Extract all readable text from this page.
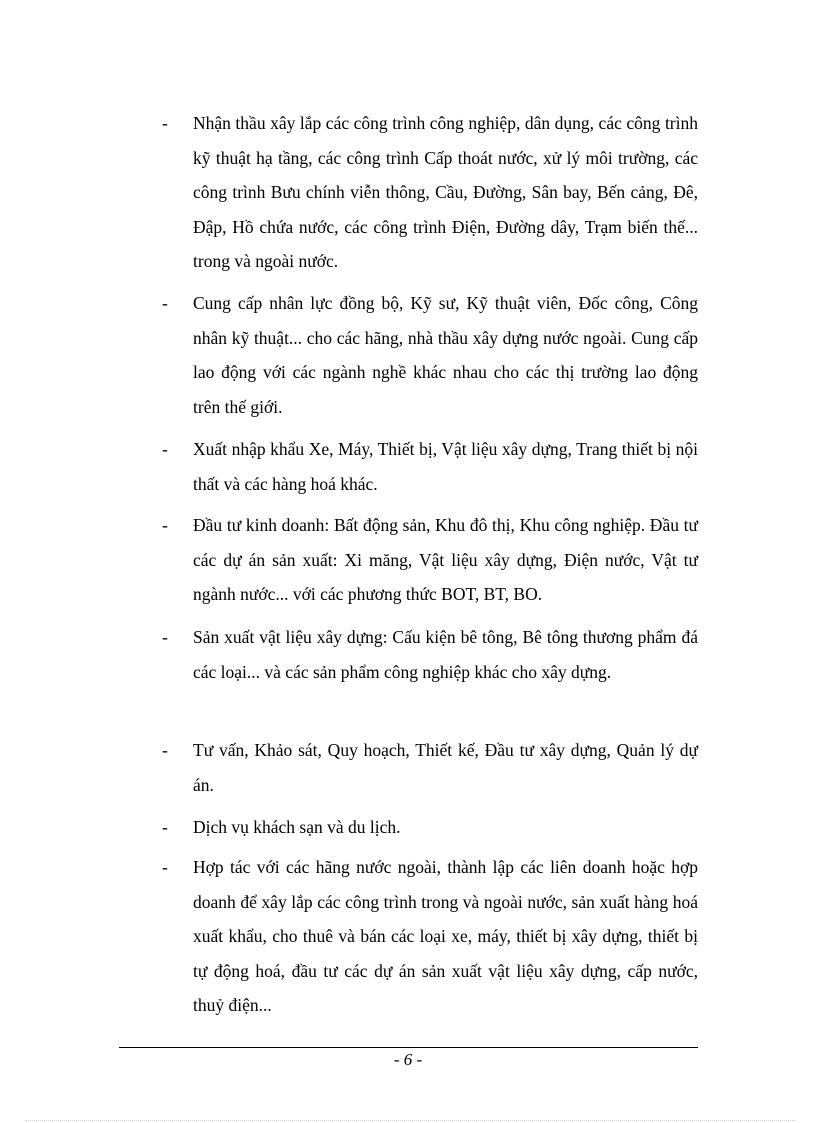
-	Nhận thầu xây lắp các công trình công nghiệp, dân dụng, các công trình kỹ thuật hạ tầng, các công trình Cấp thoát nước, xử lý môi trường, các công trình Bưu chính viễn thông, Cầu, Đường, Sân bay, Bến cảng, Đê, Đập, Hồ chứa nước, các công trình Điện, Đường dây, Trạm biến thế... trong và ngoài nước.
-	Cung cấp nhân lực đồng bộ, Kỹ sư, Kỹ thuật viên, Đốc công, Công nhân kỹ thuật... cho các hãng, nhà thầu xây dựng nước ngoài. Cung cấp lao động với các ngành nghề khác nhau cho các thị trường lao động trên thế giới.
-	Xuất nhập khẩu Xe, Máy, Thiết bị, Vật liệu xây dựng, Trang thiết bị nội thất và các hàng hoá khác.
-	Đầu tư kinh doanh: Bất động sản, Khu đô thị, Khu công nghiệp. Đầu tư các dự án sản xuất: Xi măng, Vật liệu xây dựng, Điện nước, Vật tư ngành nước... với các phương thức BOT, BT, BO.
-	Sản xuất vật liệu xây dựng: Cấu kiện bê tông, Bê tông thương phẩm đá các loại... và các sản phẩm công nghiệp khác cho xây dựng.
-	Tư vấn, Khảo sát, Quy hoạch, Thiết kế, Đầu tư xây dựng, Quản lý dự án.
-	Dịch vụ khách sạn và du lịch.
-	Hợp tác với các hãng nước ngoài, thành lập các liên doanh hoặc hợp doanh để xây lắp các công trình trong và ngoài nước, sản xuất hàng hoá xuất khẩu, cho thuê và bán các loại xe, máy, thiết bị xây dựng, thiết bị tự động hoá, đầu tư các dự án sản xuất vật liệu xây dựng, cấp nước, thuỷ điện...
- 6 -
